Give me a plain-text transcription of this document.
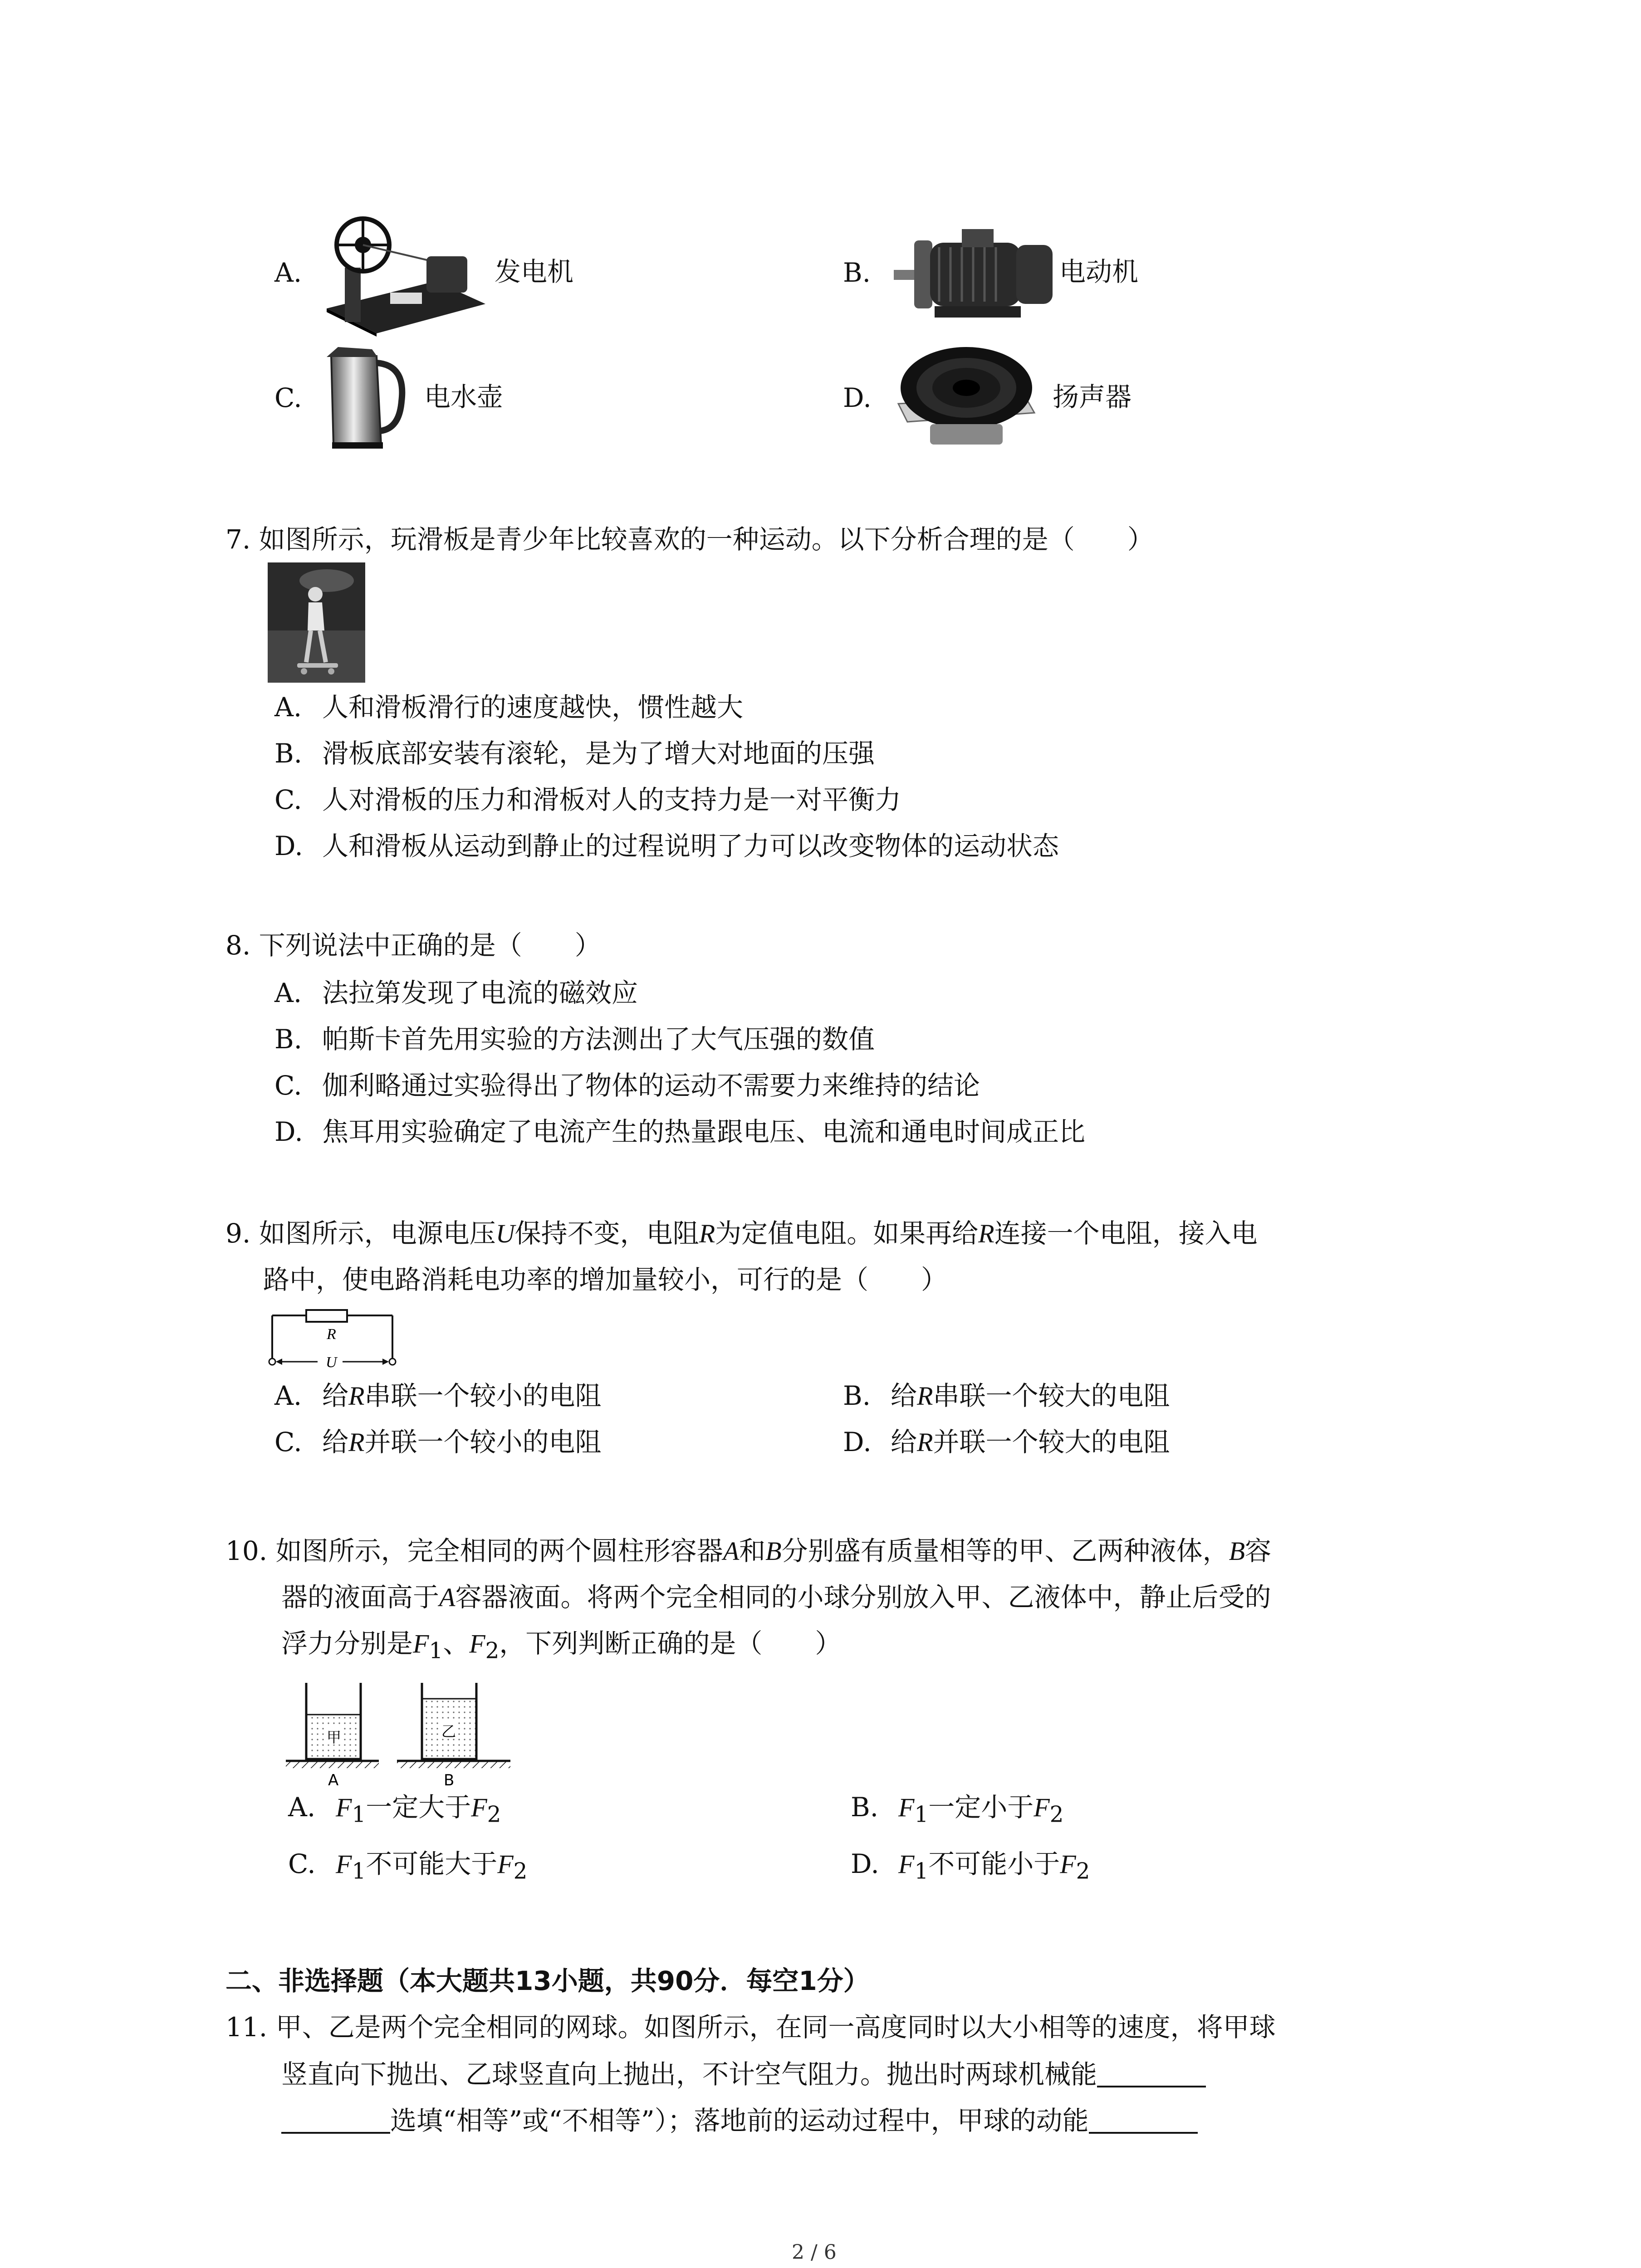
A.	发电机	B.	电动机
C.	电水壶	D.	扬声器
7. 如图所示，玩滑板是青少年比较喜欢的一种运动。以下分析合理的是（　　）
A. 人和滑板滑行的速度越快，惯性越大
B. 滑板底部安装有滚轮，是为了增大对地面的压强
C. 人对滑板的压力和滑板对人的支持力是一对平衡力
D. 人和滑板从运动到静止的过程说明了力可以改变物体的运动状态
8. 下列说法中正确的是（　　）
A. 法拉第发现了电流的磁效应
B. 帕斯卡首先用实验的方法测出了大气压强的数值
C. 伽利略通过实验得出了物体的运动不需要力来维持的结论
D. 焦耳用实验确定了电流产生的热量跟电压、电流和通电时间成正比
9. 如图所示，电源电压U保持不变，电阻R为定值电阻。如果再给R连接一个电阻，接入电
路中，使电路消耗电功率的增加量较小，可行的是（　　）
R
U
A. 给R串联一个较小的电阻	B. 给R串联一个较大的电阻
C. 给R并联一个较小的电阻	D. 给R并联一个较大的电阻
10. 如图所示，完全相同的两个圆柱形容器A和B分别盛有质量相等的甲、乙两种液体，B容
器的液面高于A容器液面。将两个完全相同的小球分别放入甲、乙液体中，静止后受的
浮力分别是$F_1$、$F_2$，下列判断正确的是（　　）
甲	乙
A	B
A. $F_1$一定大于$F_2$	B. $F_1$一定小于$F_2$
C. $F_1$不可能大于$F_2$	D. $F_1$不可能小于$F_2$
二、非选择题（本大题共13小题，共90分．每空1分）
11. 甲、乙是两个完全相同的网球。如图所示，在同一高度同时以大小相等的速度，将甲球
竖直向下抛出、乙球竖直向上抛出，不计空气阻力。抛出时两球机械能
选填“相等”或“不相等”）；落地前的运动过程中，甲球的动能
2 / 6
